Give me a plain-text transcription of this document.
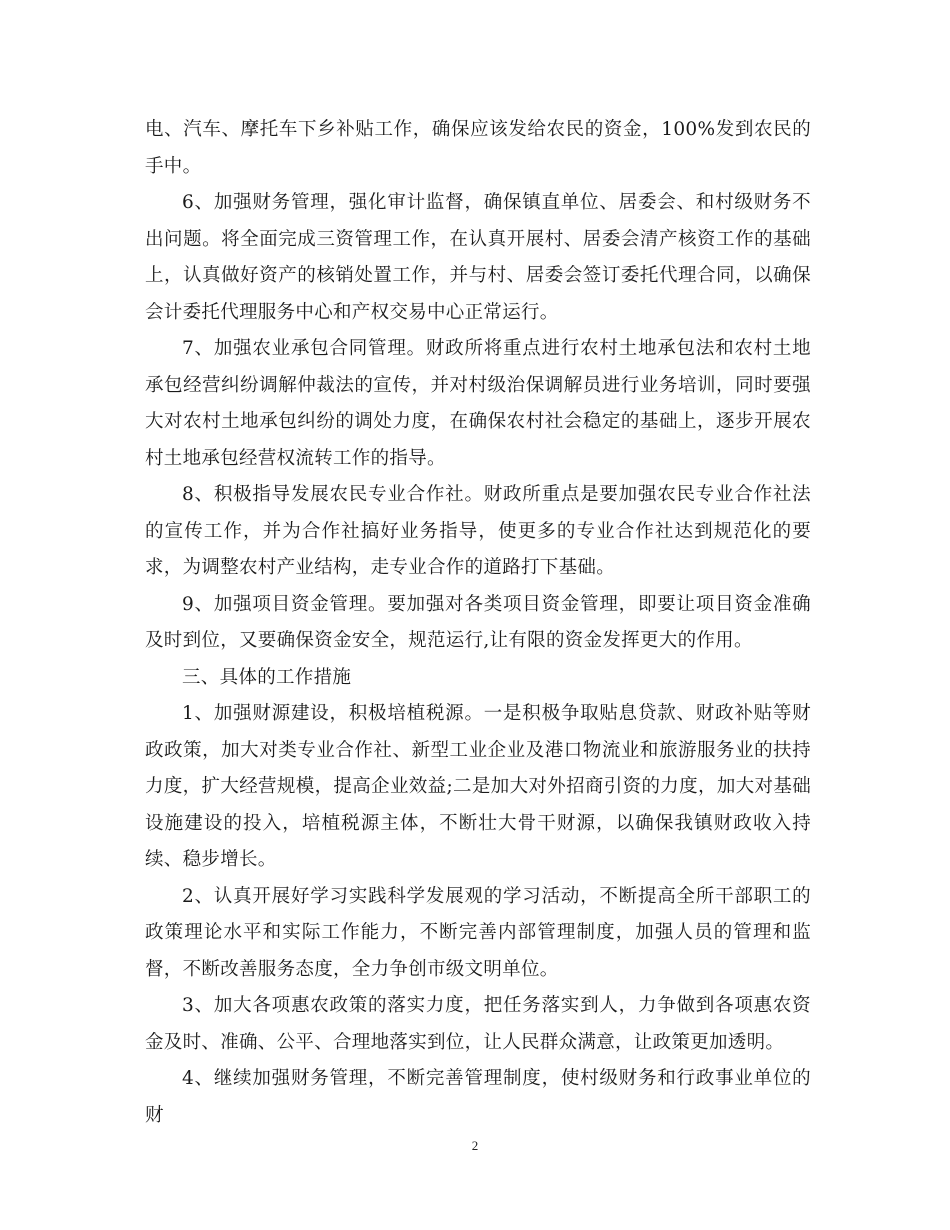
电、汽车、摩托车下乡补贴工作，确保应该发给农民的资金，100%发到农民的手中。

6、加强财务管理，强化审计监督，确保镇直单位、居委会、和村级财务不出问题。将全面完成三资管理工作，在认真开展村、居委会清产核资工作的基础上，认真做好资产的核销处置工作，并与村、居委会签订委托代理合同，以确保会计委托代理服务中心和产权交易中心正常运行。

7、加强农业承包合同管理。财政所将重点进行农村土地承包法和农村土地承包经营纠纷调解仲裁法的宣传，并对村级治保调解员进行业务培训，同时要强大对农村土地承包纠纷的调处力度，在确保农村社会稳定的基础上，逐步开展农村土地承包经营权流转工作的指导。

8、积极指导发展农民专业合作社。财政所重点是要加强农民专业合作社法的宣传工作，并为合作社搞好业务指导，使更多的专业合作社达到规范化的要求，为调整农村产业结构，走专业合作的道路打下基础。

9、加强项目资金管理。要加强对各类项目资金管理，即要让项目资金准确及时到位，又要确保资金安全，规范运行,让有限的资金发挥更大的作用。

三、具体的工作措施

1、加强财源建设，积极培植税源。一是积极争取贴息贷款、财政补贴等财政政策，加大对类专业合作社、新型工业企业及港口物流业和旅游服务业的扶持力度，扩大经营规模，提高企业效益;二是加大对外招商引资的力度，加大对基础设施建设的投入，培植税源主体，不断壮大骨干财源，以确保我镇财政收入持续、稳步增长。

2、认真开展好学习实践科学发展观的学习活动，不断提高全所干部职工的政策理论水平和实际工作能力，不断完善内部管理制度，加强人员的管理和监督，不断改善服务态度，全力争创市级文明单位。

3、加大各项惠农政策的落实力度，把任务落实到人，力争做到各项惠农资金及时、准确、公平、合理地落实到位，让人民群众满意，让政策更加透明。

4、继续加强财务管理，不断完善管理制度，使村级财务和行政事业单位的财

2
